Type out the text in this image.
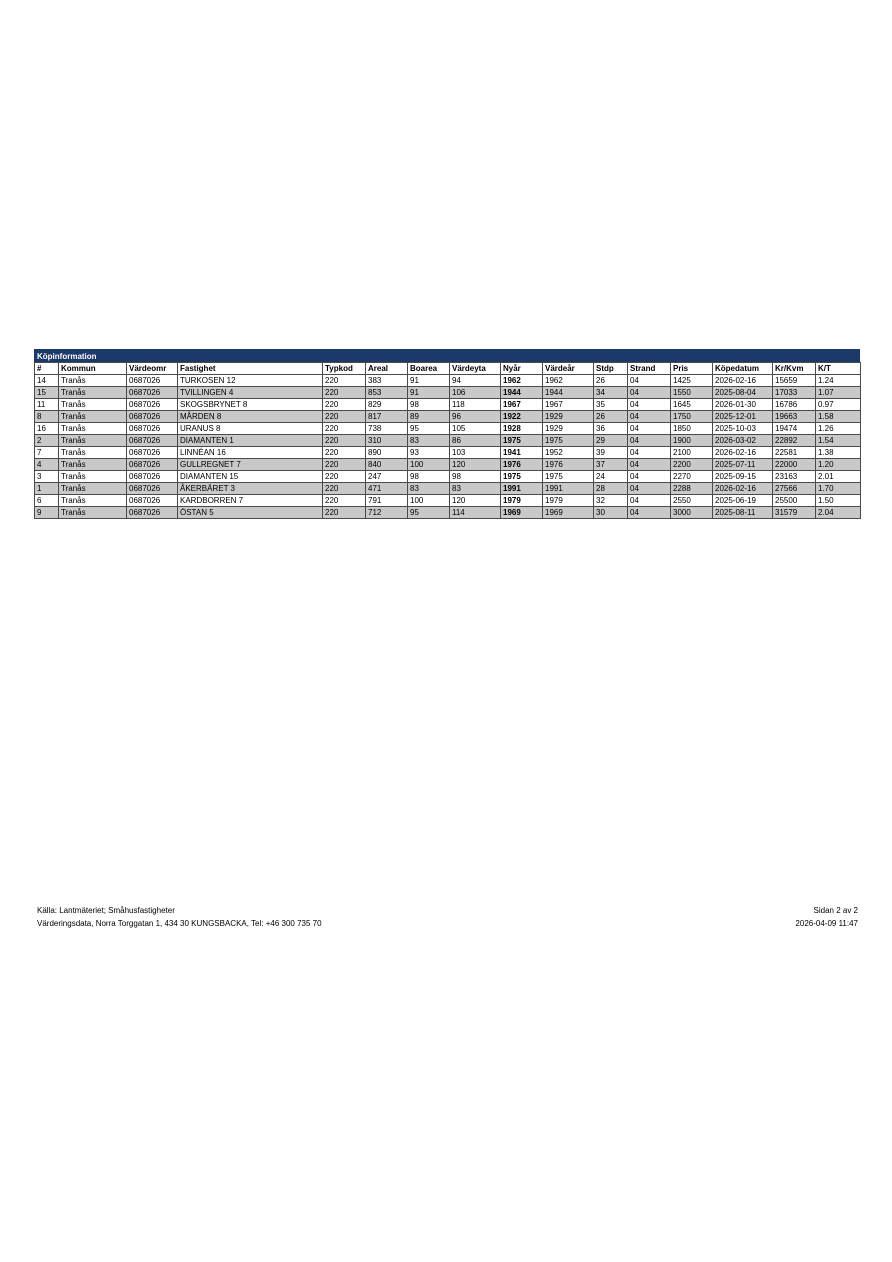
Köpinformation
#	Kommun	Värdeomr	Fastighet	Typkod	Areal	Boarea	Värdeyta	Nyår	Värdeår	Stdp	Strand	Pris	Köpedatum	Kr/Kvm	K/T
14	Tranås	0687026	TURKOSEN 12	220	383	91	94	1962	1962	26	04	1425	2026-02-16	15659	1.24
15	Tranås	0687026	TVILLINGEN 4	220	853	91	106	1944	1944	34	04	1550	2025-08-04	17033	1.07
11	Tranås	0687026	SKOGSBRYNET 8	220	829	98	118	1967	1967	35	04	1645	2026-01-30	16786	0.97
8	Tranås	0687026	MÅRDEN 8	220	817	89	96	1922	1929	26	04	1750	2025-12-01	19663	1.58
16	Tranås	0687026	URANUS 8	220	738	95	105	1928	1929	36	04	1850	2025-10-03	19474	1.26
2	Tranås	0687026	DIAMANTEN 1	220	310	83	86	1975	1975	29	04	1900	2026-03-02	22892	1.54
7	Tranås	0687026	LINNÉAN 16	220	890	93	103	1941	1952	39	04	2100	2026-02-16	22581	1.38
4	Tranås	0687026	GULLREGNET 7	220	840	100	120	1976	1976	37	04	2200	2025-07-11	22000	1.20
3	Tranås	0687026	DIAMANTEN 15	220	247	98	98	1975	1975	24	04	2270	2025-09-15	23163	2.01
1	Tranås	0687026	ÅKERBÄRET 3	220	471	83	83	1991	1991	28	04	2288	2026-02-16	27566	1.70
6	Tranås	0687026	KARDBORREN 7	220	791	100	120	1979	1979	32	04	2550	2025-06-19	25500	1.50
9	Tranås	0687026	ÖSTAN 5	220	712	95	114	1969	1969	30	04	3000	2025-08-11	31579	2.04
Källa: Lantmäteriet; Småhusfastigheter
Värderingsdata, Norra Torggatan 1, 434 30 KUNGSBACKA, Tel: +46 300 735 70
Sidan 2 av 2
2026-04-09 11:47
